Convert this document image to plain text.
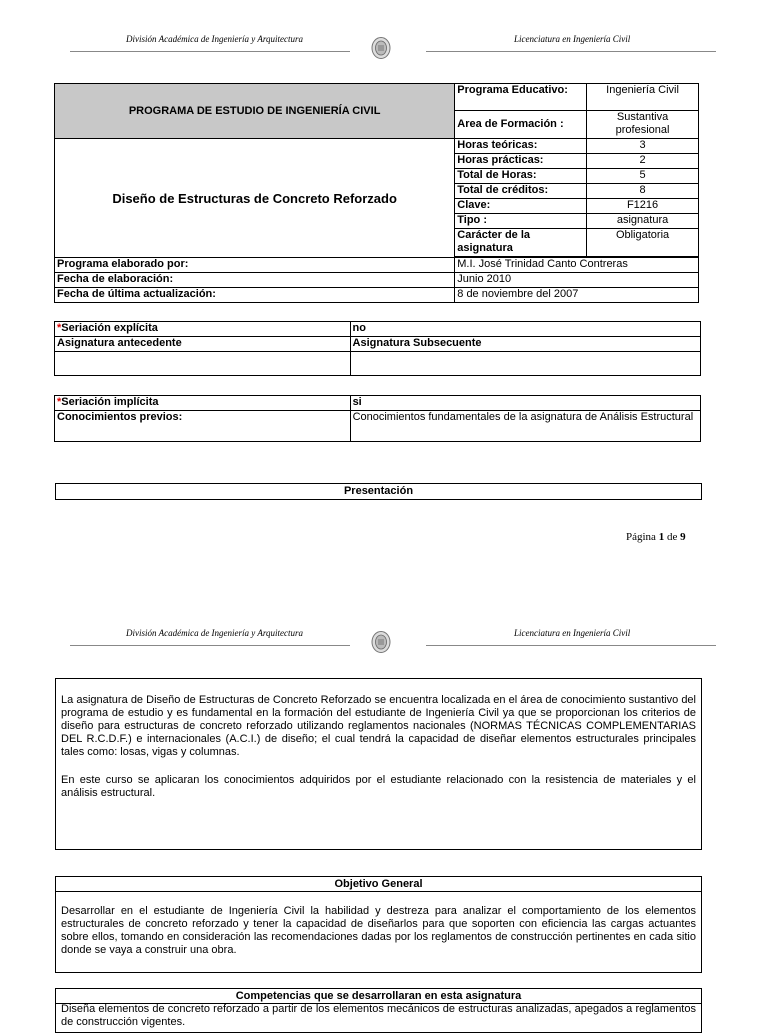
División Académica de Ingeniería y Arquitectura	Licenciatura en Ingeniería Civil
PROGRAMA DE ESTUDIO DE INGENIERÍA CIVIL	Programa Educativo:	Ingeniería Civil
	Area de Formación :	Sustantiva profesional
Diseño de Estructuras de Concreto Reforzado	Horas teóricas:	3
	Horas prácticas:	2
	Total de Horas:	5
	Total de créditos:	8
	Clave:	F1216
	Tipo :	asignatura
	Carácter de la asignatura	Obligatoria

Programa elaborado por:	M.I. José Trinidad Canto Contreras	
Fecha de elaboración:	Junio 2010	
Fecha de última actualización:	8 de noviembre del 2007	
*Seriación explícita	no
Asignatura antecedente	Asignatura Subsecuente

*Seriación implícita	si
Conocimientos previos:	Conocimientos fundamentales de la asignatura de Análisis Estructural
Presentación
Página 1 de 9
División Académica de Ingeniería y Arquitectura	Licenciatura en Ingeniería Civil
La asignatura de Diseño de Estructuras de Concreto Reforzado se encuentra localizada en el área de conocimiento sustantivo del programa de estudio y es fundamental en la formación del estudiante de Ingeniería Civil ya que se proporcionan los criterios de diseño para estructuras de concreto reforzado utilizando reglamentos nacionales (NORMAS TÉCNICAS COMPLEMENTARIAS DEL R.C.D.F.) e internacionales (A.C.I.) de diseño; el cual tendrá la capacidad de diseñar elementos estructurales principales tales como: losas, vigas y columnas.
En este curso se aplicaran los conocimientos adquiridos por el estudiante relacionado con la resistencia de materiales y el análisis estructural.
Objetivo General
Desarrollar en el estudiante de Ingeniería Civil la habilidad y destreza para analizar el comportamiento de los elementos estructurales de concreto reforzado y tener la capacidad de diseñarlos para que soporten con eficiencia las cargas actuantes sobre ellos, tomando en consideración las recomendaciones dadas por los reglamentos de construcción pertinentes en cada sitio donde se vaya a construir una obra.
Competencias que se desarrollaran en esta asignatura
Diseña elementos de concreto reforzado a partir de los elementos mecánicos de estructuras analizadas, apegados a reglamentos de construcción vigentes.
